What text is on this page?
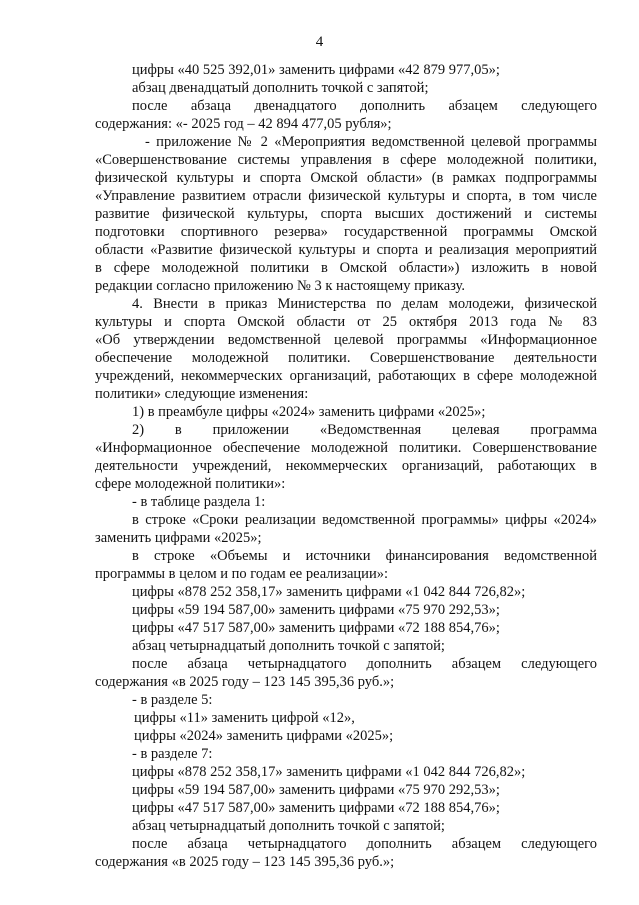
4
цифры «40 525 392,01» заменить цифрами «42 879 977,05»;
абзац двенадцатый дополнить точкой с запятой;
после абзаца двенадцатого дополнить абзацем следующего
содержания: «- 2025 год – 42 894 477,05 рубля»;
- приложение № 2 «Мероприятия ведомственной целевой программы
«Совершенствование системы управления в сфере молодежной политики,
физической культуры и спорта Омской области» (в рамках подпрограммы
«Управление развитием отрасли физической культуры и спорта, в том числе
развитие физической культуры, спорта высших достижений и системы
подготовки спортивного резерва» государственной программы Омской
области «Развитие физической культуры и спорта и реализация мероприятий
в сфере молодежной политики в Омской области») изложить в новой
редакции согласно приложению № 3 к настоящему приказу.
4. Внести в приказ Министерства по делам молодежи, физической
культуры и спорта Омской области от 25 октября 2013 года № 83
«Об утверждении ведомственной целевой программы «Информационное
обеспечение молодежной политики. Совершенствование деятельности
учреждений, некоммерческих организаций, работающих в сфере молодежной
политики» следующие изменения:
1) в преамбуле цифры «2024» заменить цифрами «2025»;
2) в приложении «Ведомственная целевая программа
«Информационное обеспечение молодежной политики. Совершенствование
деятельности учреждений, некоммерческих организаций, работающих в
сфере молодежной политики»:
- в таблице раздела 1:
в строке «Сроки реализации ведомственной программы» цифры «2024»
заменить цифрами «2025»;
в строке «Объемы и источники финансирования ведомственной
программы в целом и по годам ее реализации»:
цифры «878 252 358,17» заменить цифрами «1 042 844 726,82»;
цифры «59 194 587,00» заменить цифрами «75 970 292,53»;
цифры «47 517 587,00» заменить цифрами «72 188 854,76»;
абзац четырнадцатый дополнить точкой с запятой;
после абзаца четырнадцатого дополнить абзацем следующего
содержания «в 2025 году – 123 145 395,36 руб.»;
- в разделе 5:
цифры «11» заменить цифрой «12»,
цифры «2024» заменить цифрами «2025»;
- в разделе 7:
цифры «878 252 358,17» заменить цифрами «1 042 844 726,82»;
цифры «59 194 587,00» заменить цифрами «75 970 292,53»;
цифры «47 517 587,00» заменить цифрами «72 188 854,76»;
абзац четырнадцатый дополнить точкой с запятой;
после абзаца четырнадцатого дополнить абзацем следующего
содержания «в 2025 году – 123 145 395,36 руб.»;
